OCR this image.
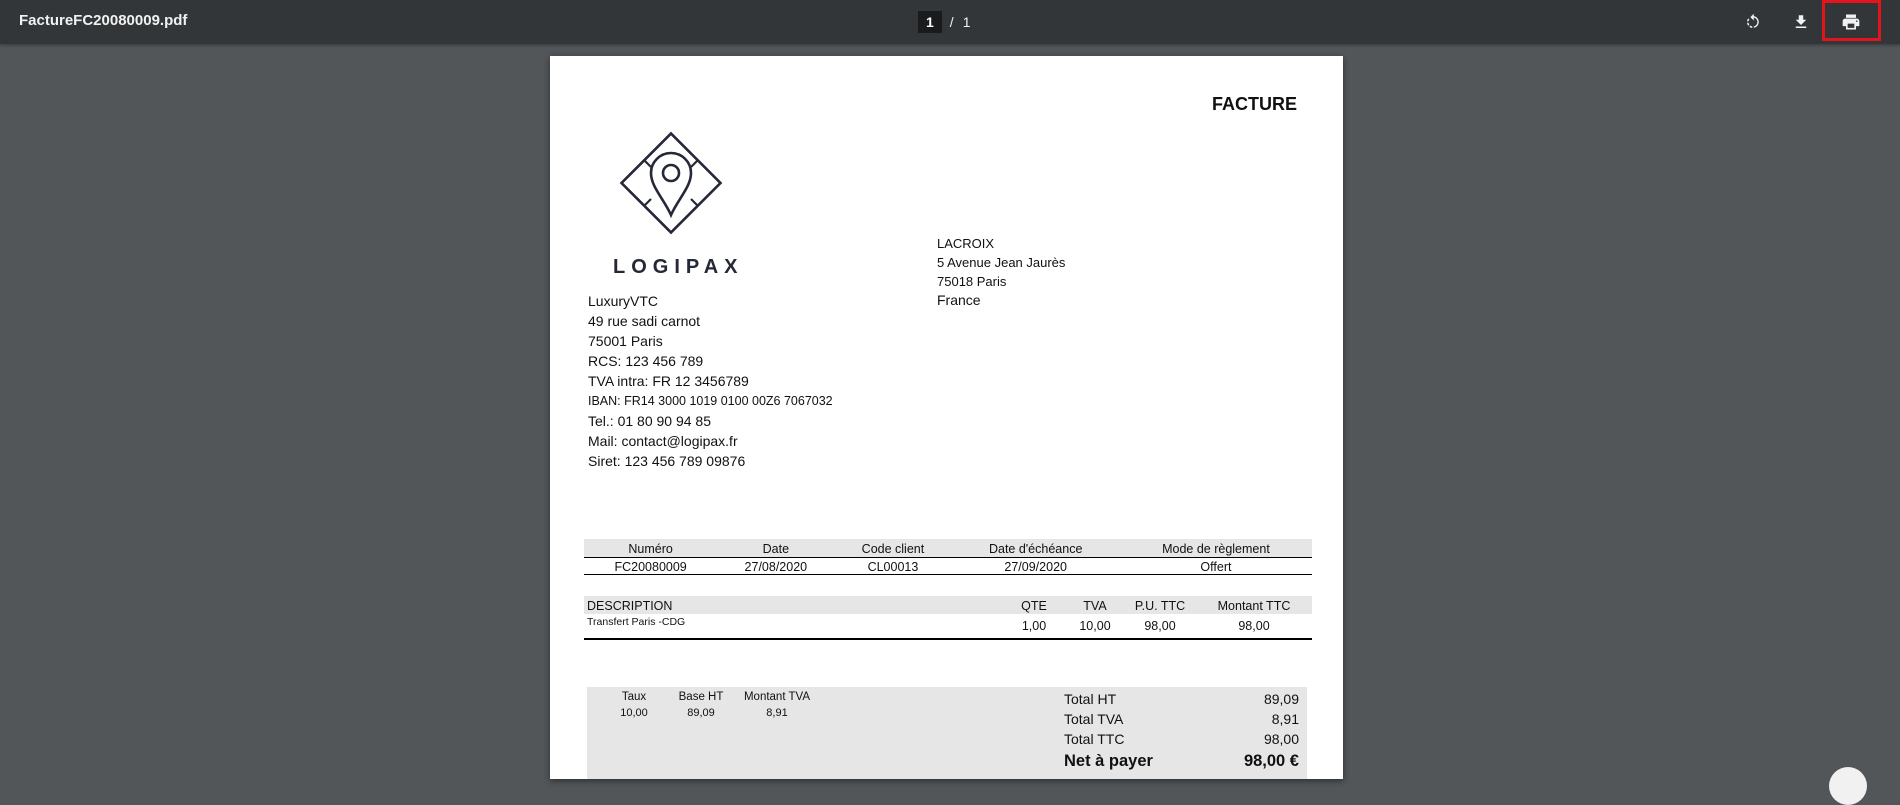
FactureFC20080009.pdf	1	/ 1
FACTURE
LOGIPAX
LuxuryVTC
49 rue sadi carnot
75001 Paris
RCS: 123 456 789
TVA intra: FR 12 3456789
IBAN: FR14 3000 1019 0100 00Z6 7067032
Tel.: 01 80 90 94 85
Mail: contact@logipax.fr
Siret: 123 456 789 09876
LACROIX
5 Avenue Jean Jaurès
75018 Paris
France
Numéro	Date	Code client	Date d'échéance	Mode de règlement
FC20080009	27/08/2020	CL00013	27/09/2020	Offert
DESCRIPTION	QTE	TVA	P.U. TTC	Montant TTC
Transfert Paris -CDG	1,00	10,00	98,00	98,00
Taux	Base HT	Montant TVA
10,00	89,09	8,91
Total HT	89,09
Total TVA	8,91
Total TTC	98,00
Net à payer	98,00 €
